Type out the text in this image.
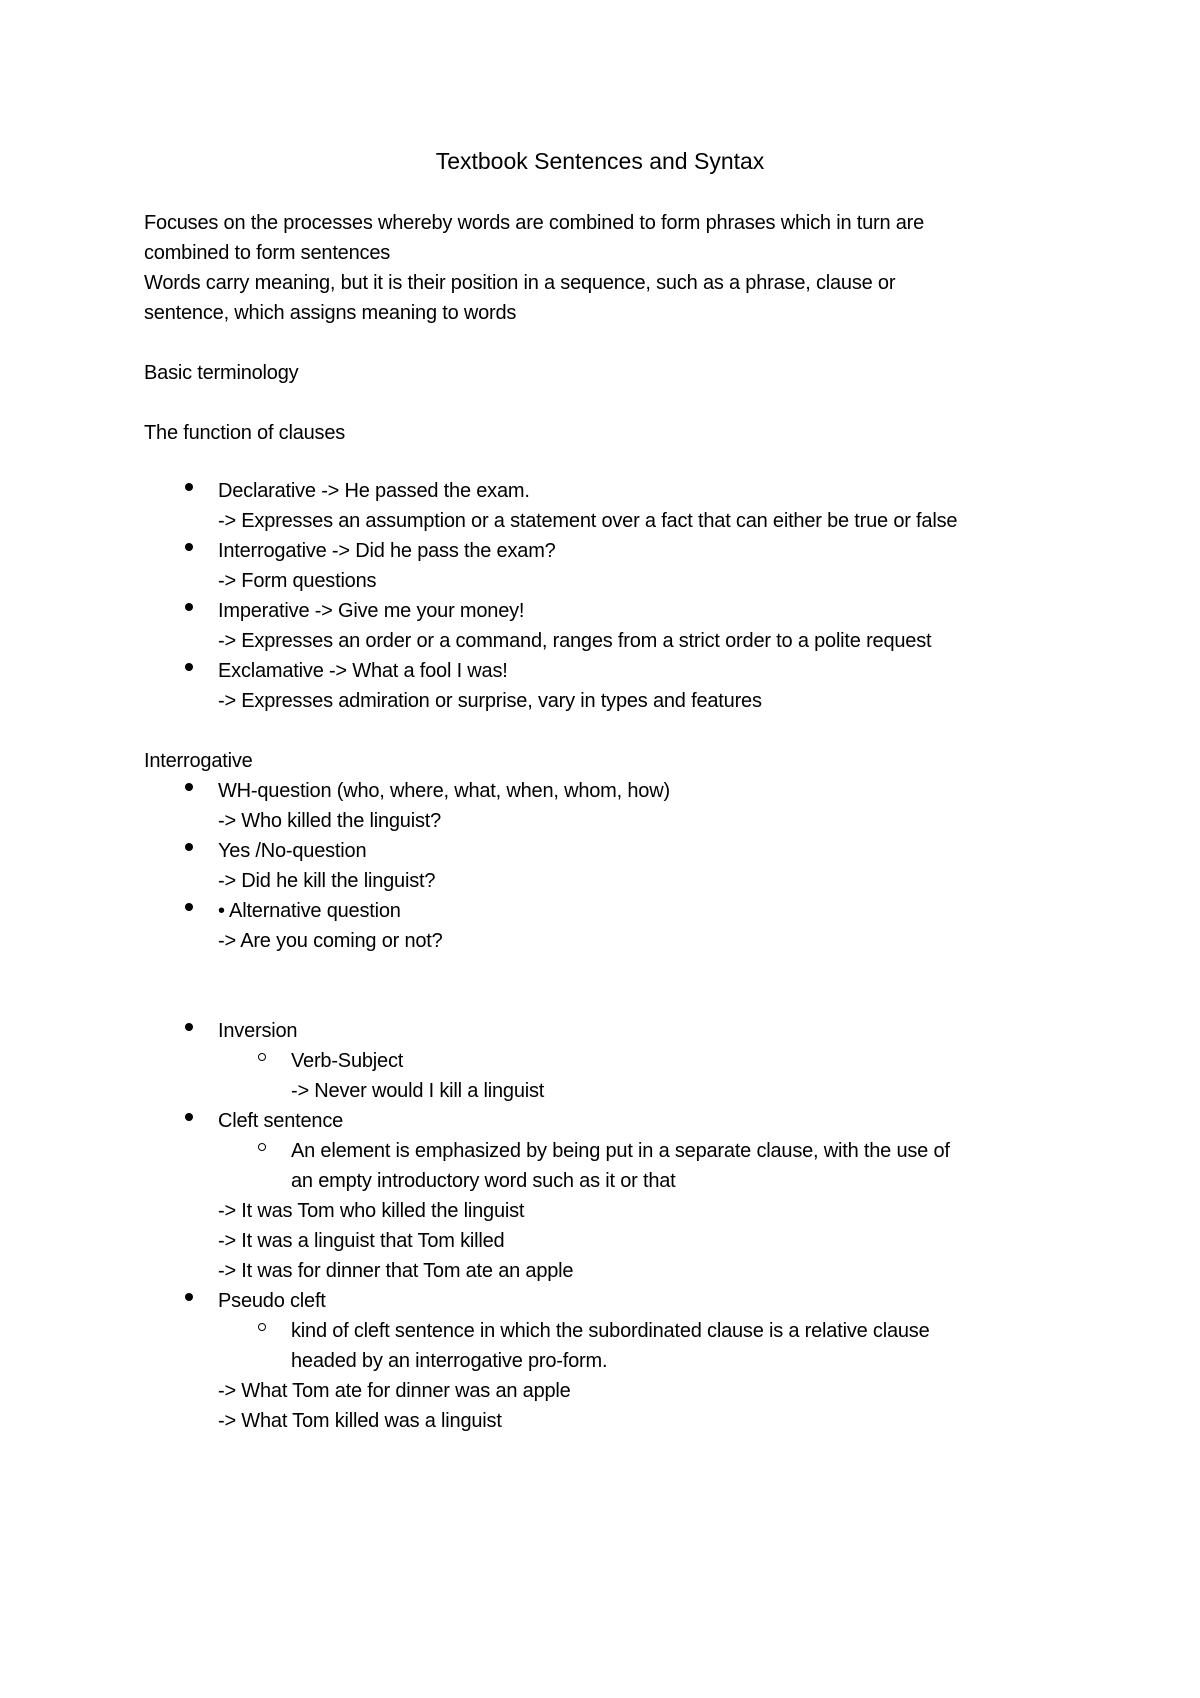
Textbook Sentences and Syntax
Focuses on the processes whereby words are combined to form phrases which in turn are
combined to form sentences
Words carry meaning, but it is their position in a sequence, such as a phrase, clause or
sentence, which assigns meaning to words
Basic terminology
The function of clauses
Declarative -> He passed the exam.
-> Expresses an assumption or a statement over a fact that can either be true or false
Interrogative -> Did he pass the exam?
-> Form questions
Imperative -> Give me your money!
-> Expresses an order or a command, ranges from a strict order to a polite request
Exclamative -> What a fool I was!
-> Expresses admiration or surprise, vary in types and features
Interrogative
WH-question (who, where, what, when, whom, how)
-> Who killed the linguist?
Yes /No-question
-> Did he kill the linguist?
• Alternative question
-> Are you coming or not?
Inversion
Verb-Subject
-> Never would I kill a linguist
Cleft sentence
An element is emphasized by being put in a separate clause, with the use of
an empty introductory word such as it or that
-> It was Tom who killed the linguist
-> It was a linguist that Tom killed
-> It was for dinner that Tom ate an apple
Pseudo cleft
kind of cleft sentence in which the subordinated clause is a relative clause
headed by an interrogative pro-form.
-> What Tom ate for dinner was an apple
-> What Tom killed was a linguist
